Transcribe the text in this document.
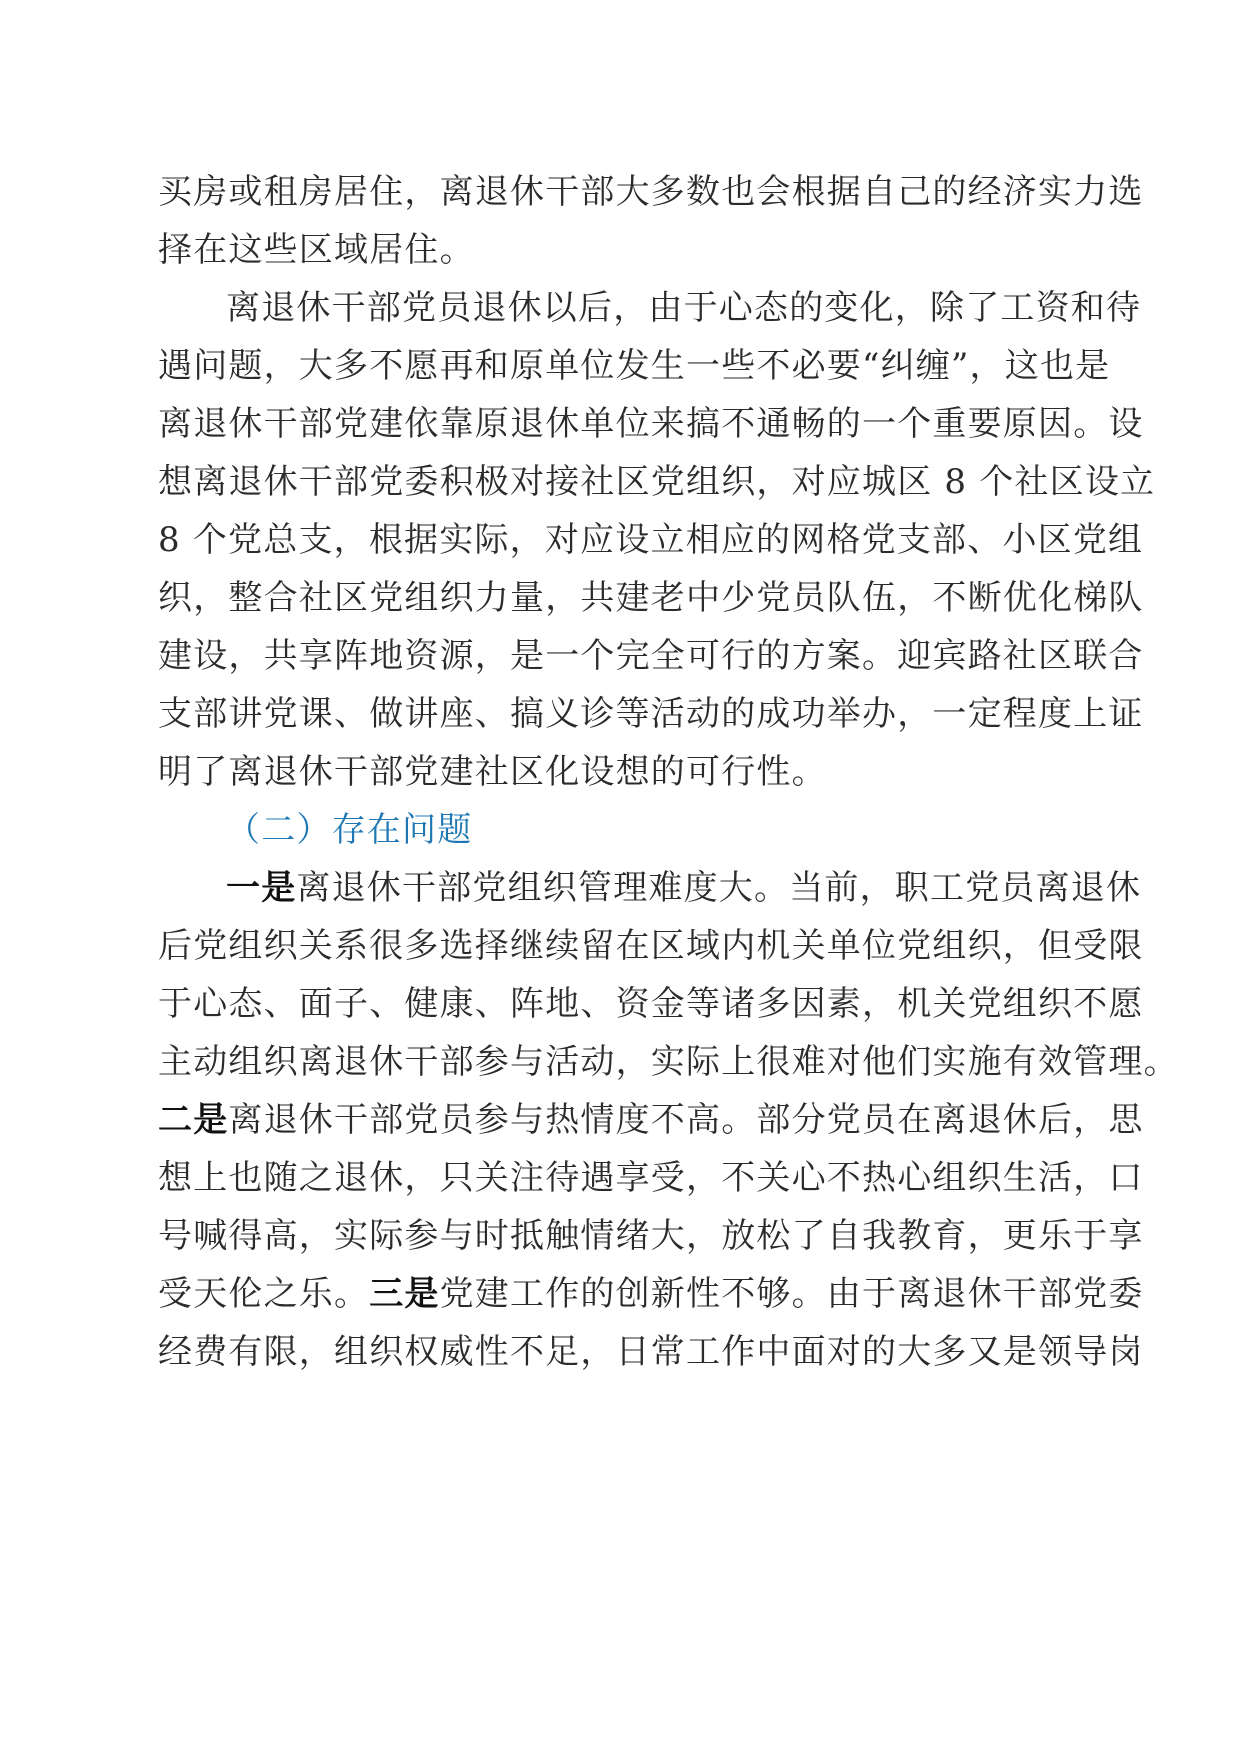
买房或租房居住，离退休干部大多数也会根据自己的经济实力选
择在这些区域居住。
离退休干部党员退休以后，由于心态的变化，除了工资和待
遇问题，大多不愿再和原单位发生一些不必要“纠缠”，这也是
离退休干部党建依靠原退休单位来搞不通畅的一个重要原因。设
想离退休干部党委积极对接社区党组织，对应城区 8 个社区设立
8 个党总支，根据实际，对应设立相应的网格党支部、小区党组
织，整合社区党组织力量，共建老中少党员队伍，不断优化梯队
建设，共享阵地资源，是一个完全可行的方案。迎宾路社区联合
支部讲党课、做讲座、搞义诊等活动的成功举办，一定程度上证
明了离退休干部党建社区化设想的可行性。
（二）存在问题
一是离退休干部党组织管理难度大。当前，职工党员离退休
后党组织关系很多选择继续留在区域内机关单位党组织，但受限
于心态、面子、健康、阵地、资金等诸多因素，机关党组织不愿
主动组织离退休干部参与活动，实际上很难对他们实施有效管理。
二是离退休干部党员参与热情度不高。部分党员在离退休后，思
想上也随之退休，只关注待遇享受，不关心不热心组织生活，口
号喊得高，实际参与时抵触情绪大，放松了自我教育，更乐于享
受天伦之乐。三是党建工作的创新性不够。由于离退休干部党委
经费有限，组织权威性不足，日常工作中面对的大多又是领导岗
